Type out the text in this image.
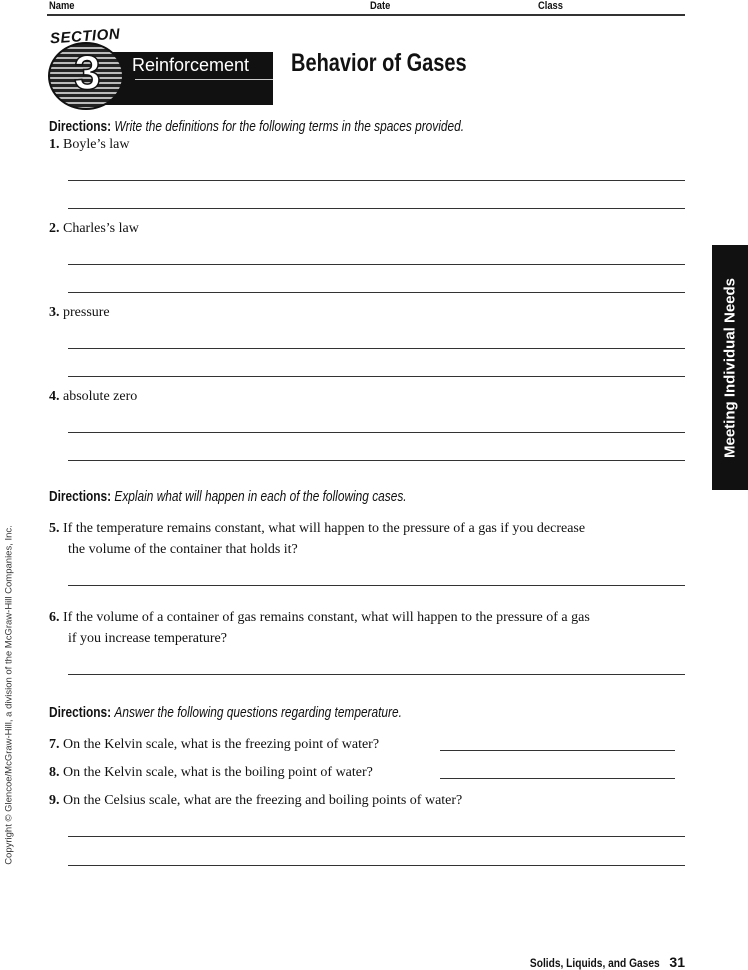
Name	Date	Class
3
SECTION
Reinforcement Behavior of Gases
Meeting Individual Needs
Copyright © Glencoe/McGraw-Hill, a division of the McGraw-Hill Companies, Inc.
Directions: Write the definitions for the following terms in the spaces provided.
1. Boyle’s law
2. Charles’s law
3. pressure
4. absolute zero
Directions: Explain what will happen in each of the following cases.
5. If the temperature remains constant, what will happen to the pressure of a gas if you decrease
the volume of the container that holds it?
6. If the volume of a container of gas remains constant, what will happen to the pressure of a gas
if you increase temperature?
Directions: Answer the following questions regarding temperature.
7. On the Kelvin scale, what is the freezing point of water?
8. On the Kelvin scale, what is the boiling point of water?
9. On the Celsius scale, what are the freezing and boiling points of water?
Solids, Liquids, and Gases 31
